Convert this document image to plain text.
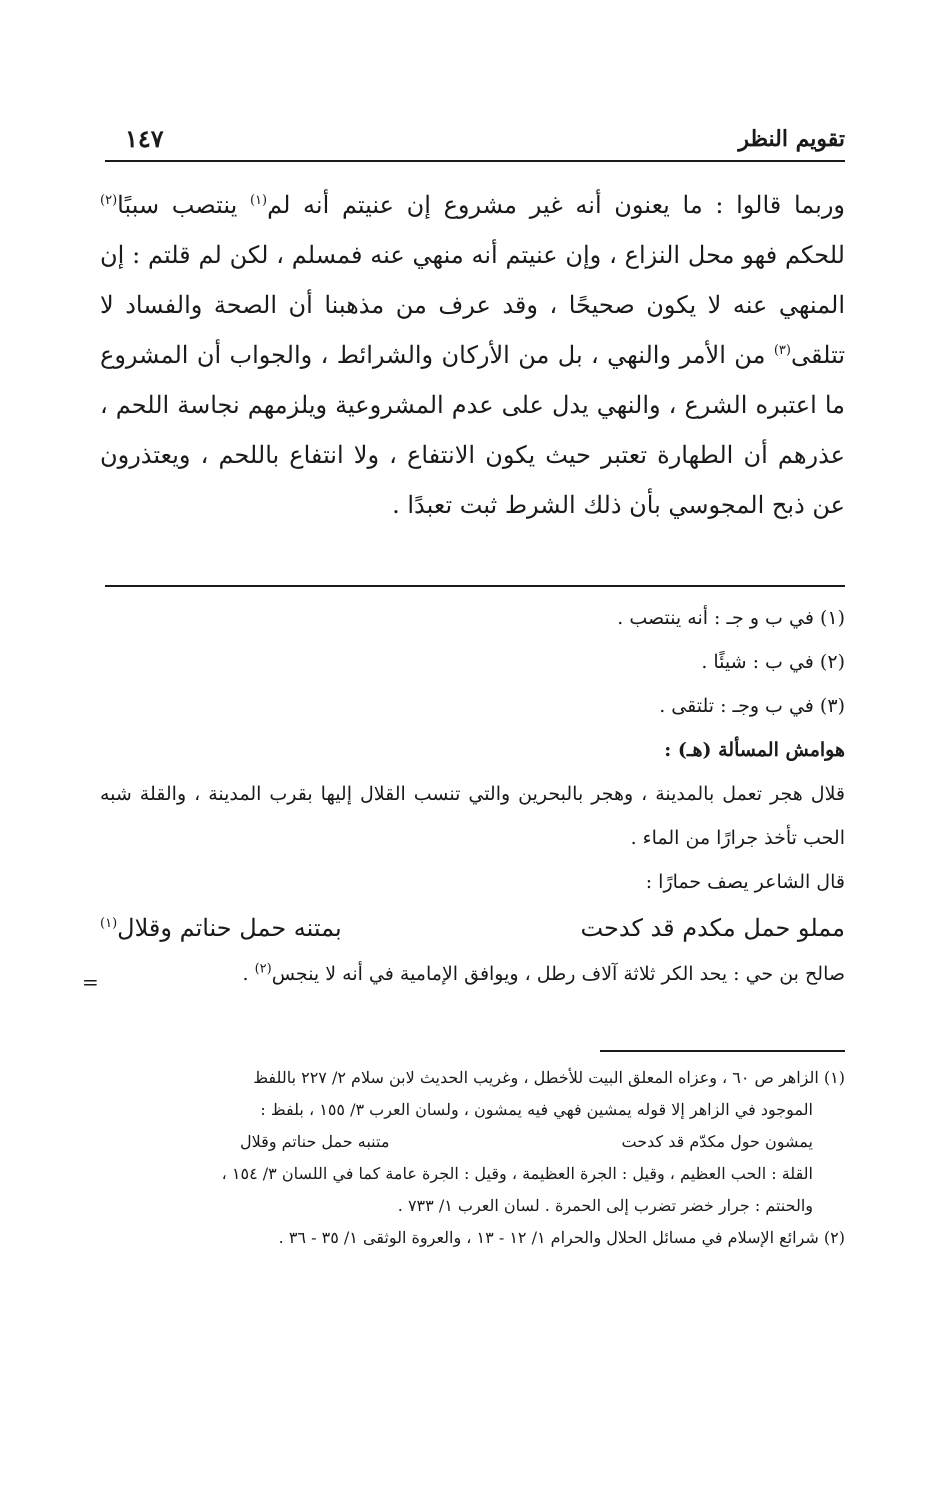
تقويم النظر
١٤٧

وربما قالوا : ما يعنون أنه غير مشروع إن عنيتم أنه لم$^{(١)}$ ينتصب سببًا$^{(٢)}$ للحكم فهو محل النزاع ، وإن عنيتم أنه منهي عنه فمسلم ، لكن لم قلتم : إن المنهي عنه لا يكون صحيحًا ، وقد عرف من مذهبنا أن الصحة والفساد لا تتلقى$^{(٣)}$ من الأمر والنهي ، بل من الأركان والشرائط ، والجواب أن المشروع ما اعتبره الشرع ، والنهي يدل على عدم المشروعية ويلزمهم نجاسة اللحم ، عذرهم أن الطهارة تعتبر حيث يكون الانتفاع ، ولا انتفاع باللحم ، ويعتذرون عن ذبح المجوسي بأن ذلك الشرط ثبت تعبدًا .

(١) في ب و جـ : أنه ينتصب .

(٢) في ب : شيئًا .

(٣) في ب وجـ : تلتقى .

هوامش المسألة (هـ) :

قلال هجر تعمل بالمدينة ، وهجر بالبحرين والتي تنسب القلال إليها بقرب المدينة ، والقلة شبه الحب تأخذ جرارًا من الماء .

قال الشاعر يصف حمارًا :

مملو حمل مكدم قد كدحت
بمتنه حمل حناتم وقلال$^{(١)}$

صالح بن حي : يحد الكر ثلاثة آلاف رطل ، ويوافق الإمامية في أنه لا ينجس$^{(٢)}$ .

=

(١) الزاهر ص ٦٠ ، وعزاه المعلق البيت للأخطل ، وغريب الحديث لابن سلام ٢/ ٢٢٧ باللفظ

الموجود في الزاهر إلا قوله يمشين فهي فيه يمشون ، ولسان العرب ٣/ ١٥٥ ، بلفظ :

يمشون حول مكدّم قد كدحت
متنبه حمل حناتم وقلال

القلة : الحب العظيم ، وقيل : الجرة العظيمة ، وقيل : الجرة عامة كما في اللسان ٣/ ١٥٤ ،

والحنتم : جرار خضر تضرب إلى الحمرة . لسان العرب ١/ ٧٣٣ .

(٢) شرائع الإسلام في مسائل الحلال والحرام ١/ ١٢ - ١٣ ، والعروة الوثقى ١/ ٣٥ - ٣٦ .
